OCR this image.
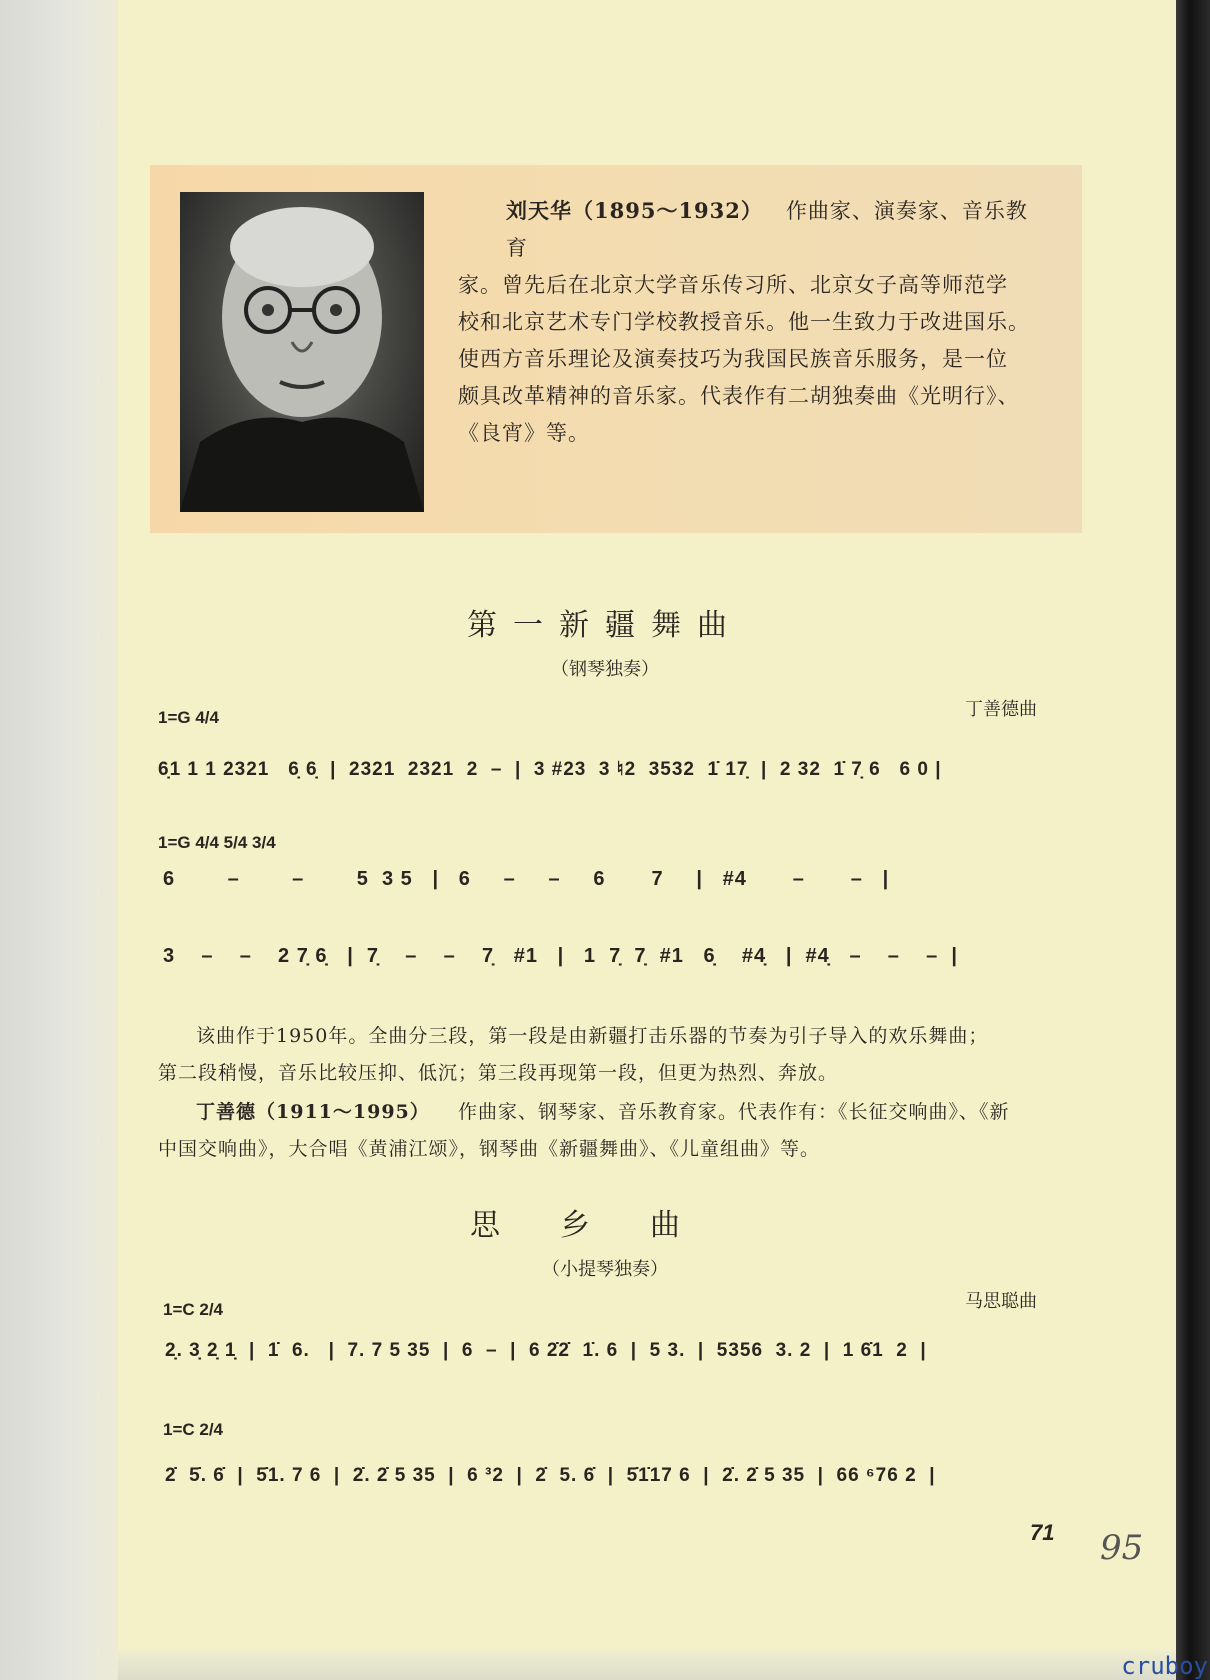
刘天华（1895～1932） 作曲家、演奏家、音乐教育
家。曾先后在北京大学音乐传习所、北京女子高等师范学
校和北京艺术专门学校教授音乐。他一生致力于改进国乐。
使西方音乐理论及演奏技巧为我国民族音乐服务，是一位
颇具改革精神的音乐家。代表作有二胡独奏曲《光明行》、
《良宵》等。
第一新疆舞曲
（钢琴独奏）
丁善德曲
1=G 4/4
6̣1 1 1 2321   6̣ 6̣  |  2321  2321  2  –  |  3 #23  3 ♮2  3532  1̇ 17̣  |  2 32  1̇ 7̣ 6   6 0 |
1=G 4/4 5/4 3/4
6        –        –        5  3 5   |   6     –     –     6       7     |   #4       –       –   |
3    –    –    2 7̣ 6̣   |  7̣    –    –    7̣   #1   |   1  7̣  7̣  #1   6̣    #4̣   |  #4̣   –    –    –  |
该曲作于1950年。全曲分三段，第一段是由新疆打击乐器的节奏为引子导入的欢乐舞曲；
第二段稍慢，音乐比较压抑、低沉；第三段再现第一段，但更为热烈、奔放。
丁善德（1911～1995） 作曲家、钢琴家、音乐教育家。代表作有：《长征交响曲》、《新
中国交响曲》，大合唱《黄浦江颂》，钢琴曲《新疆舞曲》、《儿童组曲》等。
思乡曲
（小提琴独奏）
马思聪曲
1=C 2/4
2̣. 3̣ 2̣ 1̣  |  1̇  6.   |  7. 7 5 35  |  6  –  |  6 2̇2̇  1̇. 6  |  5 3.  |  5356  3. 2  |  1 6̇1  2  |
1=C 2/4
2̇  5̇. 6̇  |  5̇1. 7 6  |  2̇. 2̇ 5 35  |  6 ³2  |  2̇  5. 6̇  |  5̇1̇17 6  |  2̇. 2̇ 5 35  |  66 ⁶76 2  |
71 95
cruboy
